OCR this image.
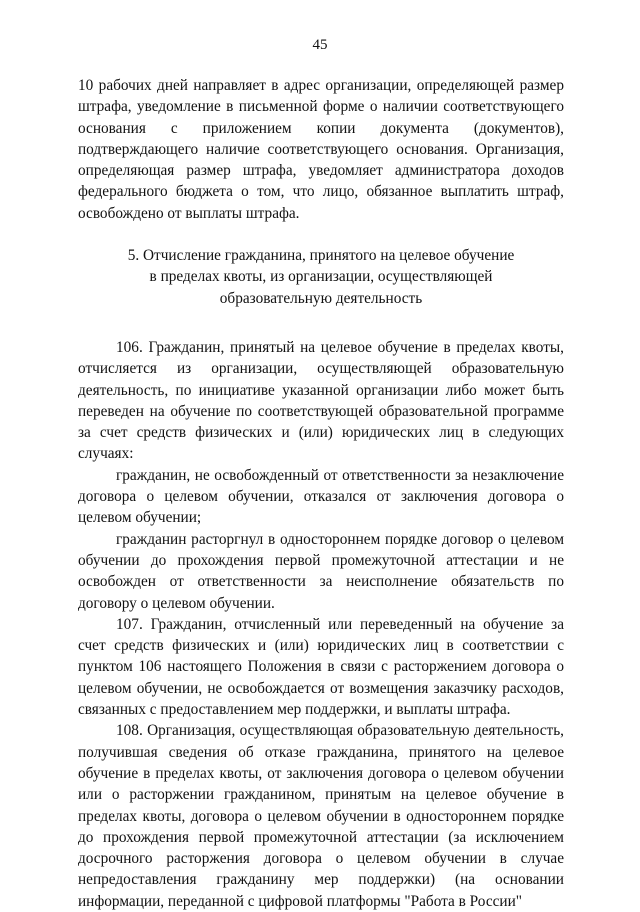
45

10 рабочих дней направляет в адрес организации, определяющей размер штрафа, уведомление в письменной форме о наличии соответствующего основания с приложением копии документа (документов), подтверждающего наличие соответствующего основания. Организация, определяющая размер штрафа, уведомляет администратора доходов федерального бюджета о том, что лицо, обязанное выплатить штраф, освобождено от выплаты штрафа.

5. Отчисление гражданина, принятого на целевое обучение
в пределах квоты, из организации, осуществляющей
образовательную деятельность

106. Гражданин, принятый на целевое обучение в пределах квоты, отчисляется из организации, осуществляющей образовательную деятельность, по инициативе указанной организации либо может быть переведен на обучение по соответствующей образовательной программе за счет средств физических и (или) юридических лиц в следующих случаях:

гражданин, не освобожденный от ответственности за незаключение договора о целевом обучении, отказался от заключения договора о целевом обучении;

гражданин расторгнул в одностороннем порядке договор о целевом обучении до прохождения первой промежуточной аттестации и не освобожден от ответственности за неисполнение обязательств по договору о целевом обучении.

107. Гражданин, отчисленный или переведенный на обучение за счет средств физических и (или) юридических лиц в соответствии с пунктом 106 настоящего Положения в связи с расторжением договора о целевом обучении, не освобождается от возмещения заказчику расходов, связанных с предоставлением мер поддержки, и выплаты штрафа.

108. Организация, осуществляющая образовательную деятельность, получившая сведения об отказе гражданина, принятого на целевое обучение в пределах квоты, от заключения договора о целевом обучении или о расторжении гражданином, принятым на целевое обучение в пределах квоты, договора о целевом обучении в одностороннем порядке до прохождения первой промежуточной аттестации (за исключением досрочного расторжения договора о целевом обучении в случае непредоставления гражданину мер поддержки) (на основании информации, переданной с цифровой платформы "Работа в России"
